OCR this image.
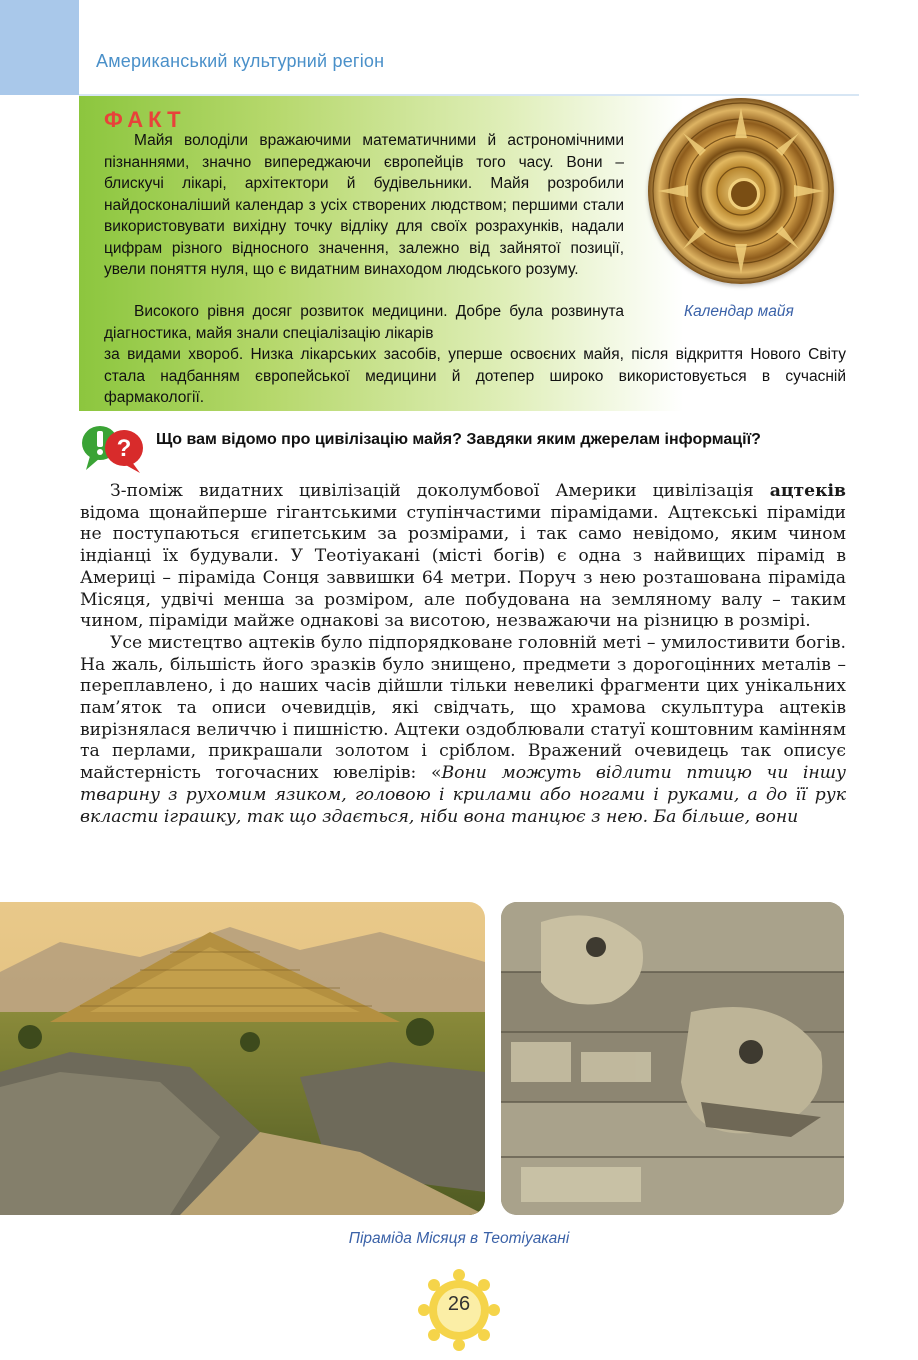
Американський культурний регіон
ФАКТ

Майя володіли вражаючими математичними й астрономічними пізнаннями, значно випереджаючи європейців того часу. Вони – блискучі лікарі, архітектори й будівельники. Майя розробили найдосконаліший календар з усіх створених людством; першими стали використовувати вихідну точку відліку для своїх розрахунків, надали цифрам різного відносного значення, залежно від зайнятої позиції, увели поняття нуля, що є видатним винаходом людського розуму.

Високого рівня досяг розвиток медицини. Добре була розвинута діагностика, майя знали спеціалізацію лікарів

за видами хвороб. Низка лікарських засобів, уперше освоєних майя, після відкриття Нового Світу стала надбанням європейської медицини й дотепер широко використовується в сучасній фармакології.

Календар майя
? Що вам відомо про цивілізацію майя? Завдяки яким джерелам інформації?

З-поміж видатних цивілізацій доколумбової Америки цивілізація ацтеків відома щонайперше гігантськими ступінчастими пірамідами. Ацтекські піраміди не поступаються єгипетським за розмірами, і так само невідомо, яким чином індіанці їх будували. У Теотіуакані (місті богів) є одна з найвищих пірамід в Америці – піраміда Сонця заввишки 64 метри. Поруч з нею розташована піраміда Місяця, удвічі менша за розміром, але побудована на земляному валу – таким чином, піраміди майже однакові за висотою, незважаючи на різницю в розмірі.

Усе мистецтво ацтеків було підпорядковане головній меті – умилостивити богів. На жаль, більшість його зразків було знищено, предмети з дорогоцінних металів – переплавлено, і до наших часів дійшли тільки невеликі фрагменти цих унікальних пам’яток та описи очевидців, які свідчать, що храмова скульптура ацтеків вирізнялася величчю і пишністю. Ацтеки оздоблювали статуї коштовним камінням та перлами, прикрашали золотом і сріблом. Вражений очевидець так описує майстерність тогочасних ювелірів: «Вони можуть відлити птицю чи іншу тварину з рухомим язиком, головою і крилами або ногами і руками, а до її рук вкласти іграшку, так що здається, ніби вона танцює з нею. Ба більше, вони

Піраміда Місяця в Теотіуакані
26
